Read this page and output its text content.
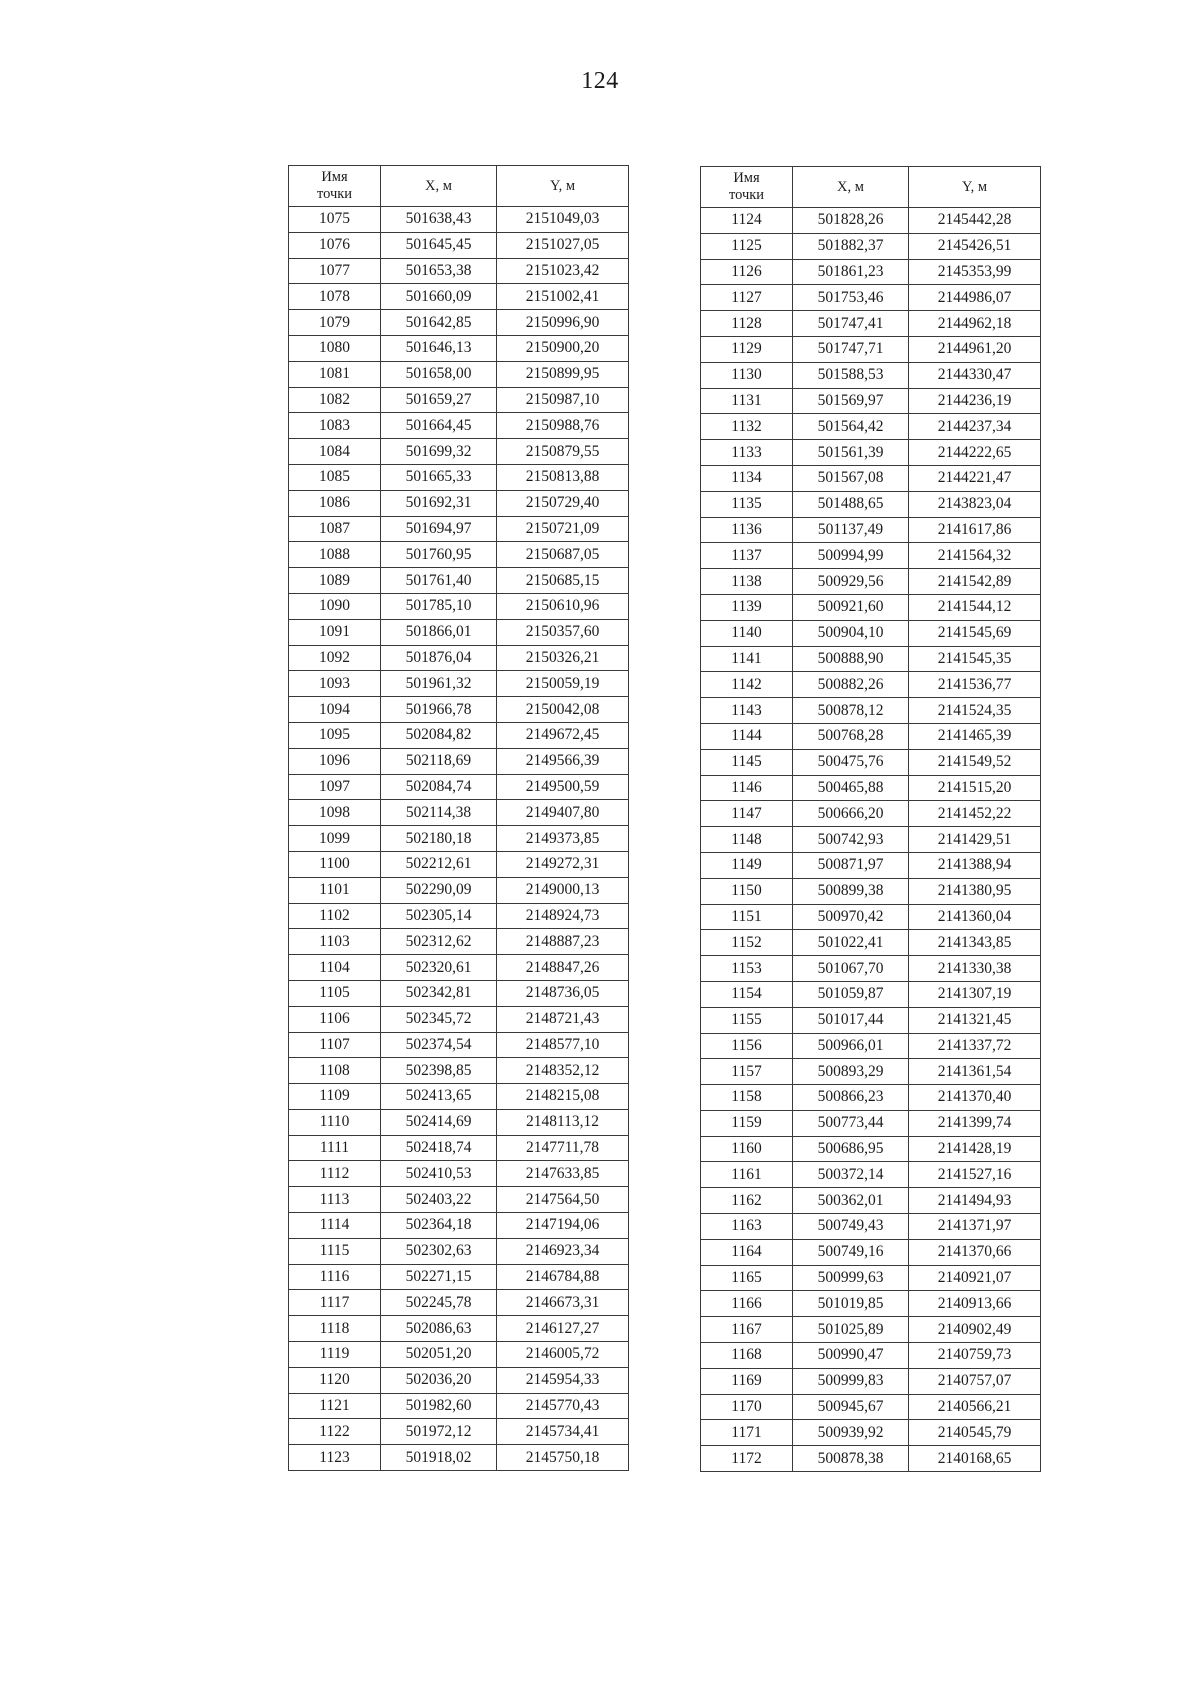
124
Имя
точки	X, м	Y, м
1075	501638,43	2151049,03
1076	501645,45	2151027,05
1077	501653,38	2151023,42
1078	501660,09	2151002,41
1079	501642,85	2150996,90
1080	501646,13	2150900,20
1081	501658,00	2150899,95
1082	501659,27	2150987,10
1083	501664,45	2150988,76
1084	501699,32	2150879,55
1085	501665,33	2150813,88
1086	501692,31	2150729,40
1087	501694,97	2150721,09
1088	501760,95	2150687,05
1089	501761,40	2150685,15
1090	501785,10	2150610,96
1091	501866,01	2150357,60
1092	501876,04	2150326,21
1093	501961,32	2150059,19
1094	501966,78	2150042,08
1095	502084,82	2149672,45
1096	502118,69	2149566,39
1097	502084,74	2149500,59
1098	502114,38	2149407,80
1099	502180,18	2149373,85
1100	502212,61	2149272,31
1101	502290,09	2149000,13
1102	502305,14	2148924,73
1103	502312,62	2148887,23
1104	502320,61	2148847,26
1105	502342,81	2148736,05
1106	502345,72	2148721,43
1107	502374,54	2148577,10
1108	502398,85	2148352,12
1109	502413,65	2148215,08
1110	502414,69	2148113,12
1111	502418,74	2147711,78
1112	502410,53	2147633,85
1113	502403,22	2147564,50
1114	502364,18	2147194,06
1115	502302,63	2146923,34
1116	502271,15	2146784,88
1117	502245,78	2146673,31
1118	502086,63	2146127,27
1119	502051,20	2146005,72
1120	502036,20	2145954,33
1121	501982,60	2145770,43
1122	501972,12	2145734,41
1123	501918,02	2145750,18
Имя
точки	X, м	Y, м
1124	501828,26	2145442,28
1125	501882,37	2145426,51
1126	501861,23	2145353,99
1127	501753,46	2144986,07
1128	501747,41	2144962,18
1129	501747,71	2144961,20
1130	501588,53	2144330,47
1131	501569,97	2144236,19
1132	501564,42	2144237,34
1133	501561,39	2144222,65
1134	501567,08	2144221,47
1135	501488,65	2143823,04
1136	501137,49	2141617,86
1137	500994,99	2141564,32
1138	500929,56	2141542,89
1139	500921,60	2141544,12
1140	500904,10	2141545,69
1141	500888,90	2141545,35
1142	500882,26	2141536,77
1143	500878,12	2141524,35
1144	500768,28	2141465,39
1145	500475,76	2141549,52
1146	500465,88	2141515,20
1147	500666,20	2141452,22
1148	500742,93	2141429,51
1149	500871,97	2141388,94
1150	500899,38	2141380,95
1151	500970,42	2141360,04
1152	501022,41	2141343,85
1153	501067,70	2141330,38
1154	501059,87	2141307,19
1155	501017,44	2141321,45
1156	500966,01	2141337,72
1157	500893,29	2141361,54
1158	500866,23	2141370,40
1159	500773,44	2141399,74
1160	500686,95	2141428,19
1161	500372,14	2141527,16
1162	500362,01	2141494,93
1163	500749,43	2141371,97
1164	500749,16	2141370,66
1165	500999,63	2140921,07
1166	501019,85	2140913,66
1167	501025,89	2140902,49
1168	500990,47	2140759,73
1169	500999,83	2140757,07
1170	500945,67	2140566,21
1171	500939,92	2140545,79
1172	500878,38	2140168,65
